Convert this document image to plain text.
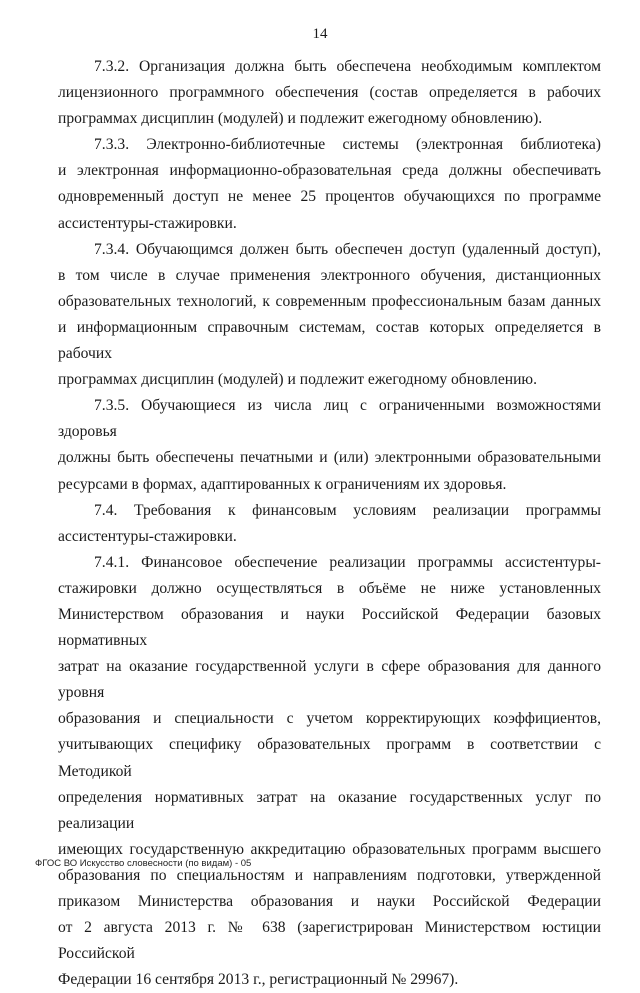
14

7.3.2. Организация должна быть обеспечена необходимым комплектом
лицензионного программного обеспечения (состав определяется в рабочих
программах дисциплин (модулей) и подлежит ежегодному обновлению).

7.3.3. Электронно-библиотечные системы (электронная библиотека)
и электронная информационно-образовательная среда должны обеспечивать
одновременный доступ не менее 25 процентов обучающихся по программе
ассистентуры-стажировки.

7.3.4. Обучающимся должен быть обеспечен доступ (удаленный доступ),
в том числе в случае применения электронного обучения, дистанционных
образовательных технологий, к современным профессиональным базам данных
и информационным справочным системам, состав которых определяется в рабочих
программах дисциплин (модулей) и подлежит ежегодному обновлению.

7.3.5. Обучающиеся из числа лиц с ограниченными возможностями здоровья
должны быть обеспечены печатными и (или) электронными образовательными
ресурсами в формах, адаптированных к ограничениям их здоровья.

7.4. Требования к финансовым условиям реализации программы
ассистентуры-стажировки.

7.4.1. Финансовое обеспечение реализации программы ассистентуры-
стажировки должно осуществляться в объёме не ниже установленных
Министерством образования и науки Российской Федерации базовых нормативных
затрат на оказание государственной услуги в сфере образования для данного уровня
образования и специальности с учетом корректирующих коэффициентов,
учитывающих специфику образовательных программ в соответствии с Методикой
определения нормативных затрат на оказание государственных услуг по реализации
имеющих государственную аккредитацию образовательных программ высшего
образования по специальностям и направлениям подготовки, утвержденной
приказом Министерства образования и науки Российской Федерации
от 2 августа 2013 г. № 638 (зарегистрирован Министерством юстиции Российской
Федерации 16 сентября 2013 г., регистрационный № 29967).

ФГОС ВО Искусство словесности (по видам) - 05
